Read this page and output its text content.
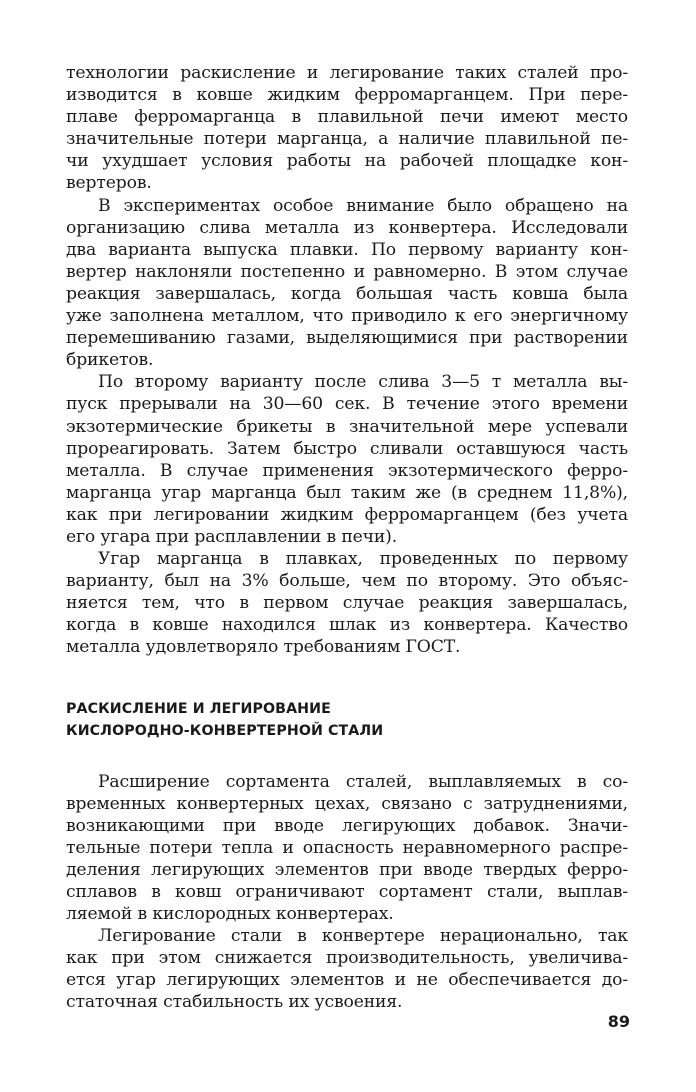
технологии раскисление и легирование таких сталей про-
изводится в ковше жидким ферромарганцем. При пере-
плаве ферромарганца в плавильной печи имеют место
значительные потери марганца, а наличие плавильной пе-
чи ухудшает условия работы на рабочей площадке кон-
вертеров.

В экспериментах особое внимание было обращено на
организацию слива металла из конвертера. Исследовали
два варианта выпуска плавки. По первому варианту кон-
вертер наклоняли постепенно и равномерно. В этом случае
реакция завершалась, когда большая часть ковша была
уже заполнена металлом, что приводило к его энергичному
перемешиванию газами, выделяющимися при растворении
брикетов.

По второму варианту после слива 3—5 т металла вы-
пуск прерывали на 30—60 сек. В течение этого времени
экзотермические брикеты в значительной мере успевали
прореагировать. Затем быстро сливали оставшуюся часть
металла. В случае применения экзотермического ферро-
марганца угар марганца был таким же (в среднем 11,8%),
как при легировании жидким ферромарганцем (без учета
его угара при расплавлении в печи).

Угар марганца в плавках, проведенных по первому
варианту, был на 3% больше, чем по второму. Это объяс-
няется тем, что в первом случае реакция завершалась,
когда в ковше находился шлак из конвертера. Качество
металла удовлетворяло требованиям ГОСТ.

РАСКИСЛЕНИЕ И ЛЕГИРОВАНИЕ
КИСЛОРОДНО-КОНВЕРТЕРНОЙ СТАЛИ

Расширение сортамента сталей, выплавляемых в со-
временных конвертерных цехах, связано с затруднениями,
возникающими при вводе легирующих добавок. Значи-
тельные потери тепла и опасность неравномерного распре-
деления легирующих элементов при вводе твердых ферро-
сплавов в ковш ограничивают сортамент стали, выплав-
ляемой в кислородных конвертерах.

Легирование стали в конвертере нерационально, так
как при этом снижается производительность, увеличива-
ется угар легирующих элементов и не обеспечивается до-
статочная стабильность их усвоения.

89
